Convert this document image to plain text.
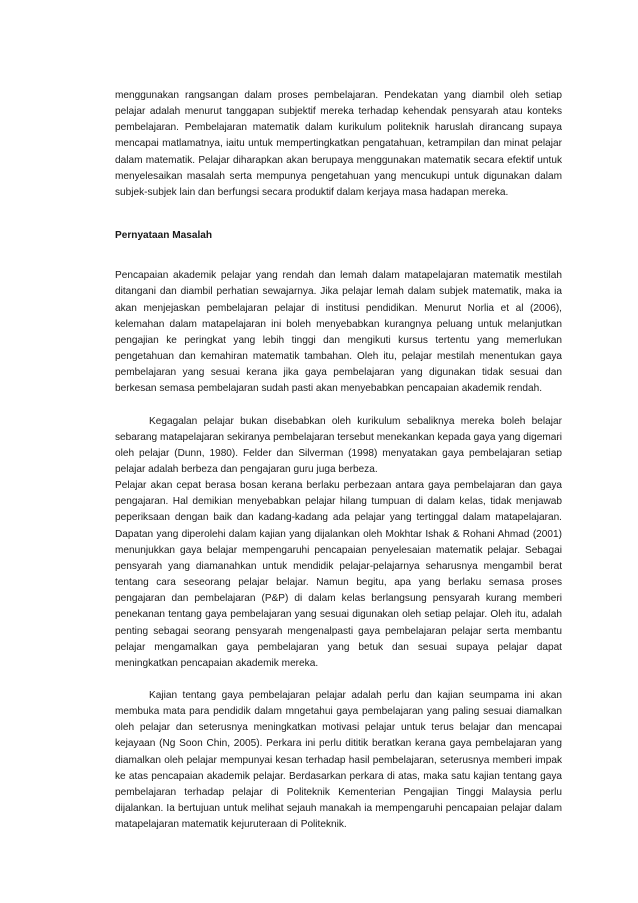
menggunakan rangsangan dalam proses pembelajaran. Pendekatan yang diambil oleh setiap pelajar adalah menurut tanggapan subjektif mereka terhadap kehendak pensyarah atau konteks pembelajaran. Pembelajaran matematik dalam kurikulum politeknik haruslah dirancang supaya mencapai matlamatnya, iaitu untuk mempertingkatkan pengatahuan, ketrampilan dan minat pelajar dalam matematik. Pelajar diharapkan akan berupaya menggunakan matematik secara efektif untuk menyelesaikan masalah serta mempunya pengetahuan yang mencukupi untuk digunakan dalam subjek-subjek lain dan berfungsi secara produktif dalam kerjaya masa hadapan mereka.

Pernyataan Masalah

Pencapaian akademik pelajar yang rendah dan lemah dalam matapelajaran matematik mestilah ditangani dan diambil perhatian sewajarnya. Jika pelajar lemah dalam subjek matematik, maka ia akan menjejaskan pembelajaran pelajar di institusi pendidikan. Menurut Norlia et al (2006), kelemahan dalam matapelajaran ini boleh menyebabkan kurangnya peluang untuk melanjutkan pengajian ke peringkat yang lebih tinggi dan mengikuti kursus tertentu yang memerlukan pengetahuan dan kemahiran matematik tambahan. Oleh itu, pelajar mestilah menentukan gaya pembelajaran yang sesuai kerana jika gaya pembelajaran yang digunakan tidak sesuai dan berkesan semasa pembelajaran sudah pasti akan menyebabkan pencapaian akademik rendah.

Kegagalan pelajar bukan disebabkan oleh kurikulum sebaliknya mereka boleh belajar sebarang matapelajaran sekiranya pembelajaran tersebut menekankan kepada gaya yang digemari oleh pelajar (Dunn, 1980). Felder dan Silverman (1998) menyatakan gaya pembelajaran setiap pelajar adalah berbeza dan pengajaran guru juga berbeza.

Pelajar akan cepat berasa bosan kerana berlaku perbezaan antara gaya pembelajaran dan gaya pengajaran. Hal demikian menyebabkan pelajar hilang tumpuan di dalam kelas, tidak menjawab peperiksaan dengan baik dan kadang-kadang ada pelajar yang tertinggal dalam matapelajaran. Dapatan yang diperolehi dalam kajian yang dijalankan oleh Mokhtar Ishak & Rohani Ahmad (2001) menunjukkan gaya belajar mempengaruhi pencapaian penyelesaian matematik pelajar. Sebagai pensyarah yang diamanahkan untuk mendidik pelajar-pelajarnya seharusnya mengambil berat tentang cara seseorang pelajar belajar. Namun begitu, apa yang berlaku semasa proses pengajaran dan pembelajaran (P&P) di dalam kelas berlangsung pensyarah kurang memberi penekanan tentang gaya pembelajaran yang sesuai digunakan oleh setiap pelajar. Oleh itu, adalah penting sebagai seorang pensyarah mengenalpasti gaya pembelajaran pelajar serta membantu pelajar mengamalkan gaya pembelajaran yang betuk dan sesuai supaya pelajar dapat meningkatkan pencapaian akademik mereka.

Kajian tentang gaya pembelajaran pelajar adalah perlu dan kajian seumpama ini akan membuka mata para pendidik dalam mngetahui gaya pembelajaran yang paling sesuai diamalkan oleh pelajar dan seterusnya meningkatkan motivasi pelajar untuk terus belajar dan mencapai kejayaan (Ng Soon Chin, 2005). Perkara ini perlu dititik beratkan kerana gaya pembelajaran yang diamalkan oleh pelajar mempunyai kesan terhadap hasil pembelajaran, seterusnya memberi impak ke atas pencapaian akademik pelajar. Berdasarkan perkara di atas, maka satu kajian tentang gaya pembelajaran terhadap pelajar di Politeknik Kementerian Pengajian Tinggi Malaysia perlu dijalankan. Ia bertujuan untuk melihat sejauh manakah ia mempengaruhi pencapaian pelajar dalam matapelajaran matematik kejuruteraan di Politeknik.
